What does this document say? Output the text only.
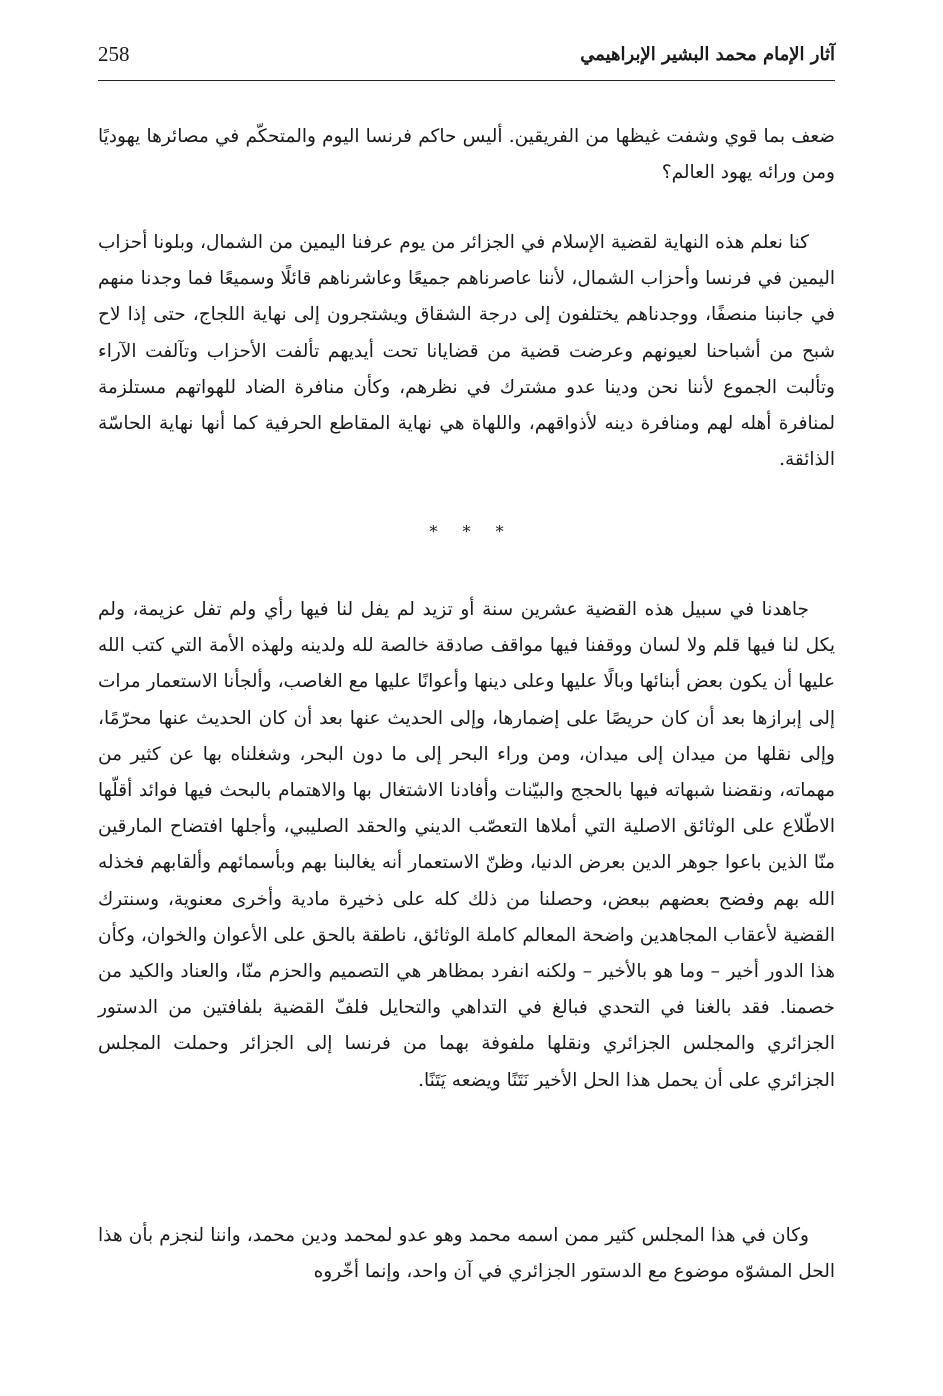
258	آثار الإمام محمد البشير الإبراهيمي

ضعف بما قوي وشفت غيظها من الفريقين. أليس حاكم فرنسا اليوم والمتحكّم في مصائرها يهوديًا ومن ورائه يهود العالم؟

كنا نعلم هذه النهاية لقضية الإسلام في الجزائر من يوم عرفنا اليمين من الشمال، وبلونا أحزاب اليمين في فرنسا وأحزاب الشمال، لأننا عاصرناهم جميعًا وعاشرناهم قائلًا وسميعًا فما وجدنا منهم في جانبنا منصفًا، ووجدناهم يختلفون إلى درجة الشقاق ويشتجرون إلى نهاية اللجاج، حتى إذا لاح شبح من أشباحنا لعيونهم وعرضت قضية من قضايانا تحت أيديهم تألفت الأحزاب وتآلفت الآراء وتألبت الجموع لأننا نحن ودينا عدو مشترك في نظرهم، وكأن منافرة الضاد للهواتهم مستلزمة لمنافرة أهله لهم ومنافرة دينه لأذواقهم، واللهاة هي نهاية المقاطع الحرفية كما أنها نهاية الحاسّة الذائقة.

* * *

جاهدنا في سبيل هذه القضية عشرين سنة أو تزيد لم يفل لنا فيها رأي ولم تفل عزيمة، ولم يكل لنا فيها قلم ولا لسان ووقفنا فيها مواقف صادقة خالصة لله ولدينه ولهذه الأمة التي كتب الله عليها أن يكون بعض أبنائها وبالًا عليها وعلى دينها وأعوانًا عليها مع الغاصب، وألجأنا الاستعمار مرات إلى إبرازها بعد أن كان حريصًا على إضمارها، وإلى الحديث عنها بعد أن كان الحديث عنها محرّمًا، وإلى نقلها من ميدان إلى ميدان، ومن وراء البحر إلى ما دون البحر، وشغلناه بها عن كثير من مهماته، ونقضنا شبهاته فيها بالحجج والبيّنات وأفادنا الاشتغال بها والاهتمام بالبحث فيها فوائد أقلّها الاطّلاع على الوثائق الاصلية التي أملاها التعصّب الديني والحقد الصليبي، وأجلها افتضاح المارقين منّا الذين باعوا جوهر الدين بعرض الدنيا، وظنّ الاستعمار أنه يغالبنا بهم وبأسمائهم وألقابهم فخذله الله بهم وفضح بعضهم ببعض، وحصلنا من ذلك كله على ذخيرة مادية وأخرى معنوية، وسنترك القضية لأعقاب المجاهدين واضحة المعالم كاملة الوثائق، ناطقة بالحق على الأعوان والخوان، وكأن هذا الدور أخير – وما هو بالأخير – ولكنه انفرد بمظاهر هي التصميم والحزم منّا، والعناد والكيد من خصمنا. فقد بالغنا في التحدي فبالغ في التداهي والتحايل فلفّ القضية بلفافتين من الدستور الجزائري والمجلس الجزائري ونقلها ملفوفة بهما من فرنسا إلى الجزائر وحملت المجلس الجزائري على أن يحمل هذا الحل الأخير نَتَنًا ويضعه يَتَنًا.

وكان في هذا المجلس كثير ممن اسمه محمد وهو عدو لمحمد ودين محمد، واننا لنجزم بأن هذا الحل المشوّه موضوع مع الدستور الجزائري في آن واحد، وإنما أخّروه
